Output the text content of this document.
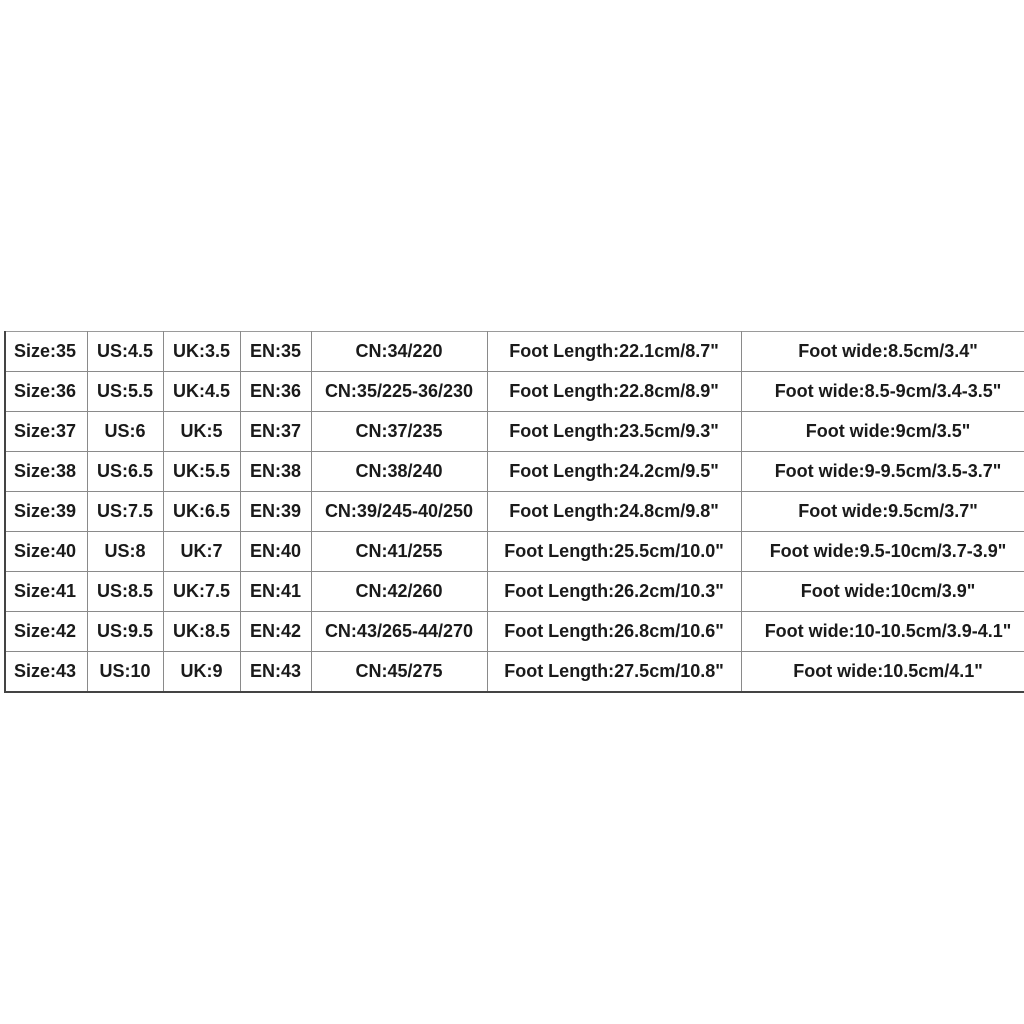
Size:35	US:4.5	UK:3.5	EN:35	CN:34/220	Foot Length:22.1cm/8.7"	Foot wide:8.5cm/3.4"
Size:36	US:5.5	UK:4.5	EN:36	CN:35/225-36/230	Foot Length:22.8cm/8.9"	Foot wide:8.5-9cm/3.4-3.5"
Size:37	US:6	UK:5	EN:37	CN:37/235	Foot Length:23.5cm/9.3"	Foot wide:9cm/3.5"
Size:38	US:6.5	UK:5.5	EN:38	CN:38/240	Foot Length:24.2cm/9.5"	Foot wide:9-9.5cm/3.5-3.7"
Size:39	US:7.5	UK:6.5	EN:39	CN:39/245-40/250	Foot Length:24.8cm/9.8"	Foot wide:9.5cm/3.7"
Size:40	US:8	UK:7	EN:40	CN:41/255	Foot Length:25.5cm/10.0"	Foot wide:9.5-10cm/3.7-3.9"
Size:41	US:8.5	UK:7.5	EN:41	CN:42/260	Foot Length:26.2cm/10.3"	Foot wide:10cm/3.9"
Size:42	US:9.5	UK:8.5	EN:42	CN:43/265-44/270	Foot Length:26.8cm/10.6"	Foot wide:10-10.5cm/3.9-4.1"
Size:43	US:10	UK:9	EN:43	CN:45/275	Foot Length:27.5cm/10.8"	Foot wide:10.5cm/4.1"
